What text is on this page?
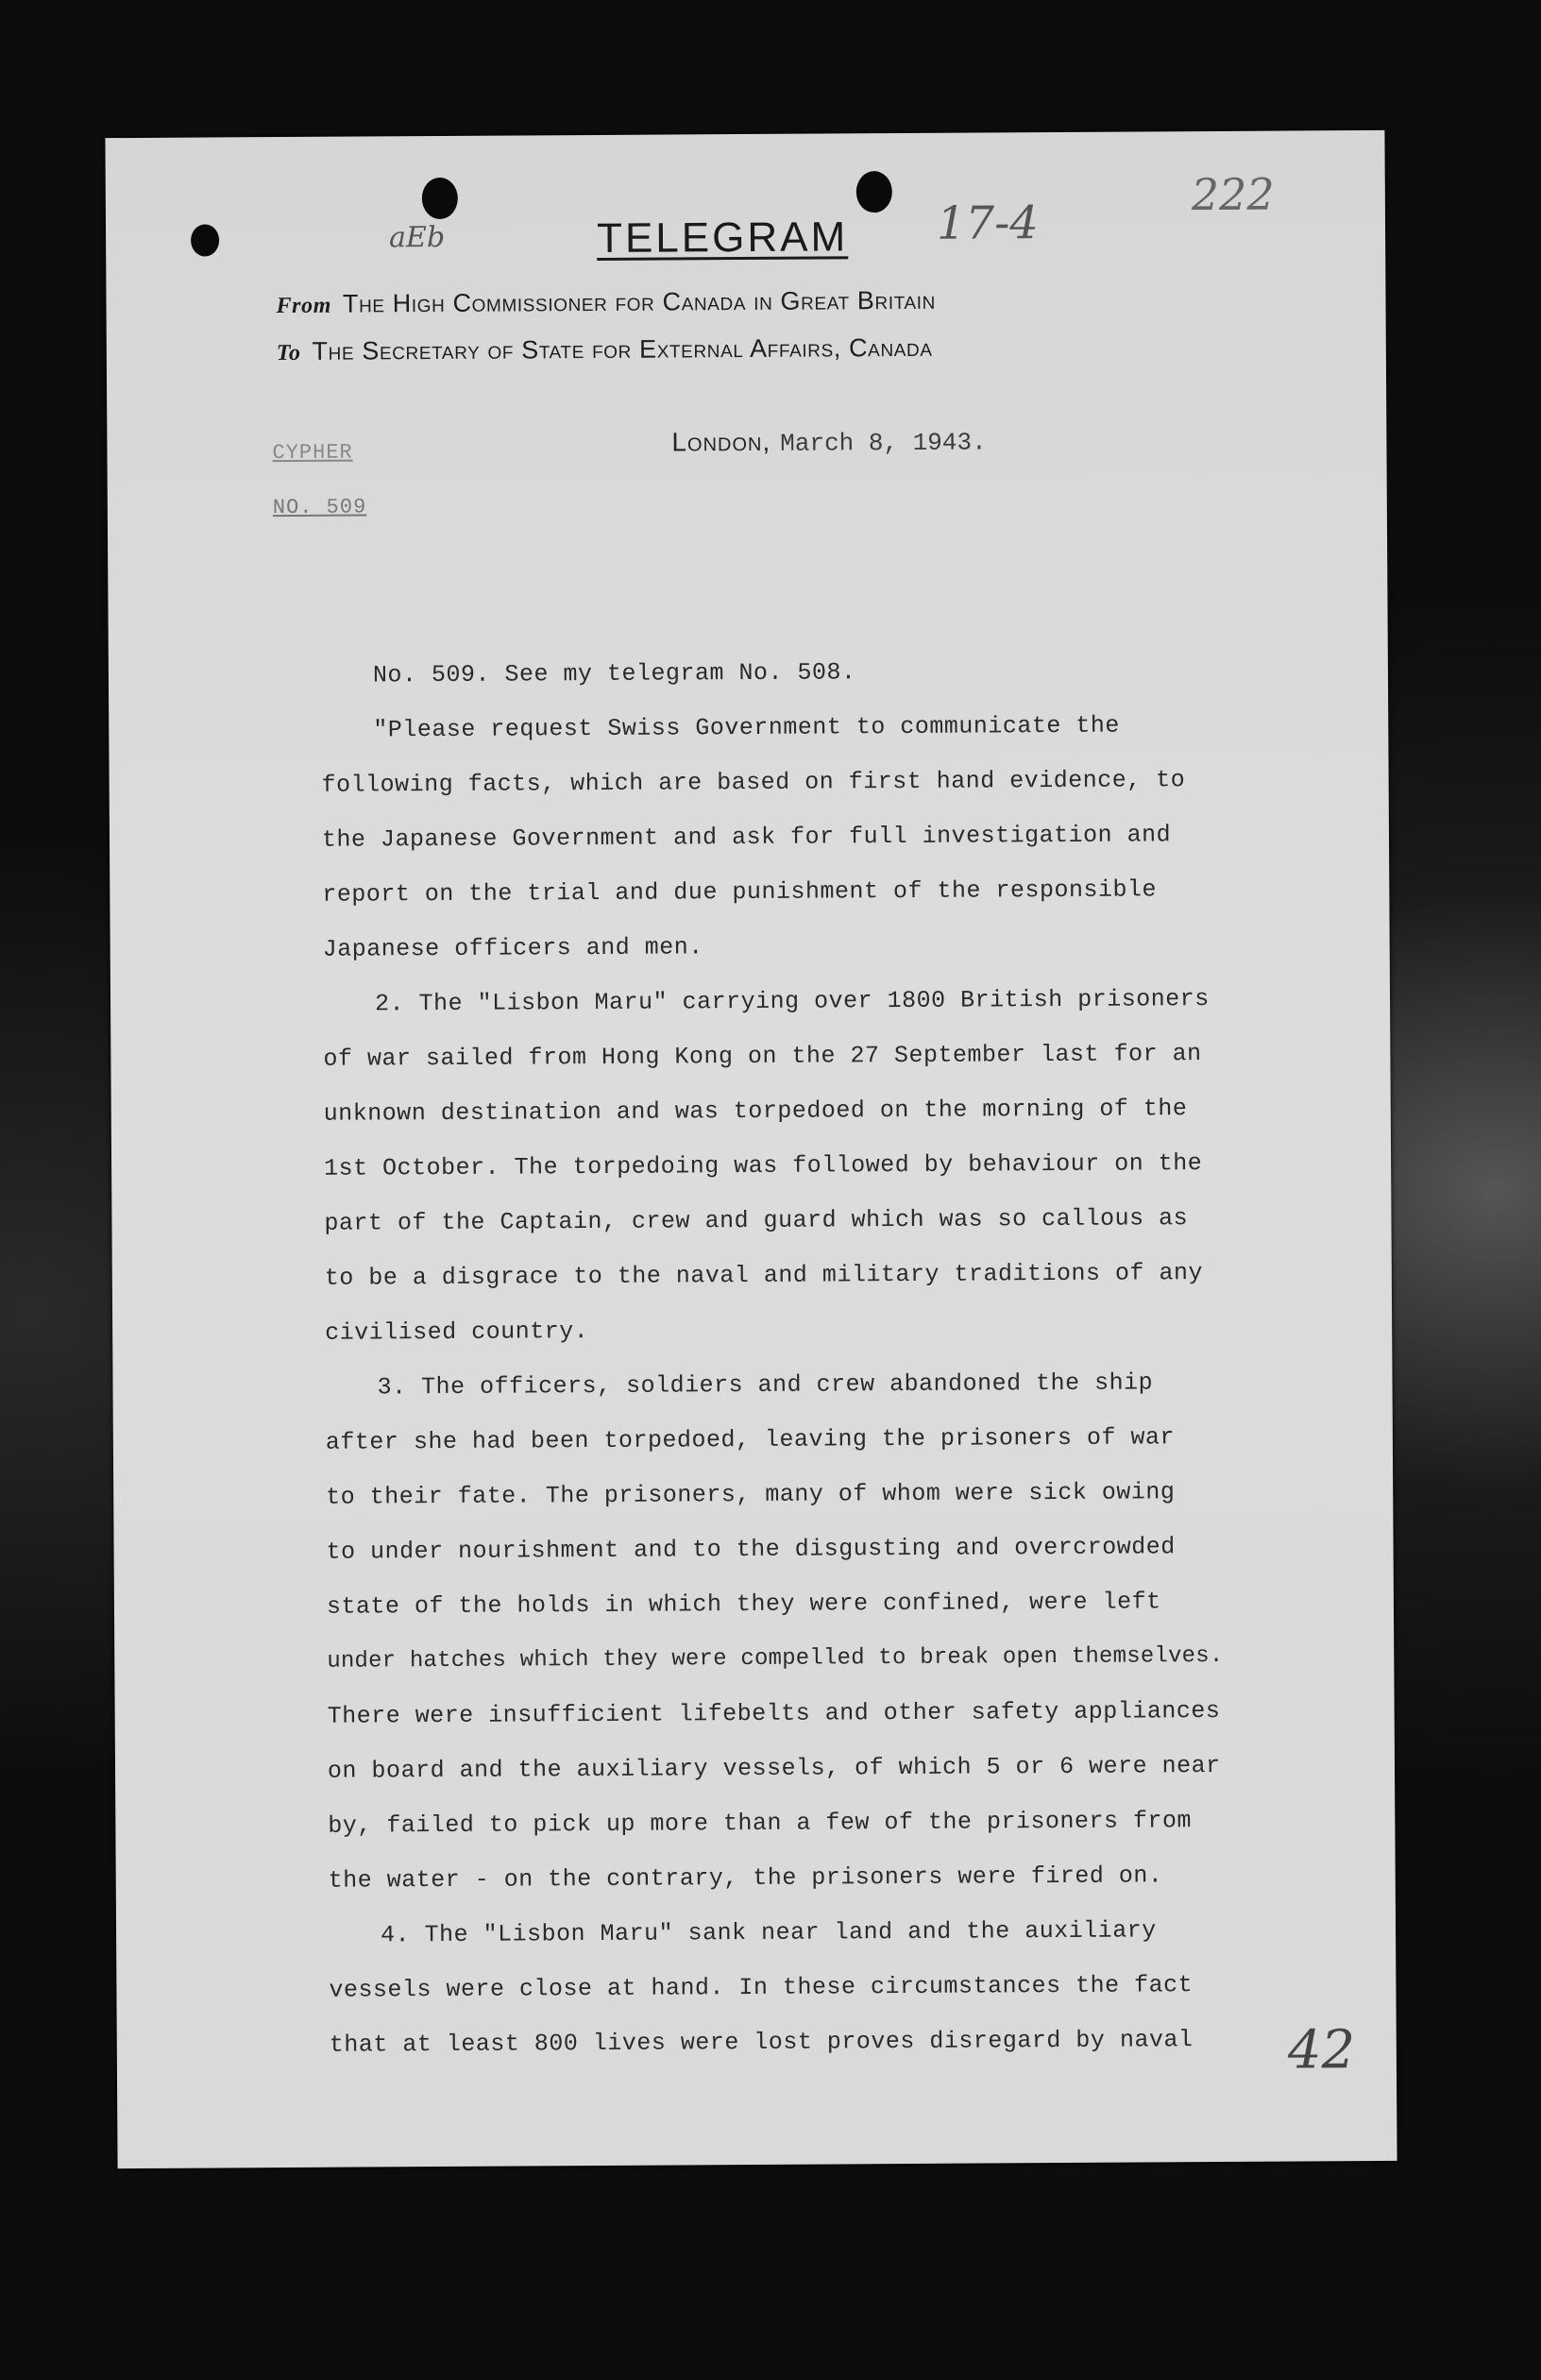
aEb	17-4
222
TELEGRAM
From The High Commissioner for Canada in Great Britain
To The Secretary of State for External Affairs, Canada
CYPHER
NO. 509
London, March 8, 1943.
No. 509. See my telegram No. 508.
"Please request Swiss Government to communicate the
following facts, which are based on first hand evidence, to
the Japanese Government and ask for full investigation and
report on the trial and due punishment of the responsible
Japanese officers and men.
2. The "Lisbon Maru" carrying over 1800 British prisoners
of war sailed from Hong Kong on the 27 September last for an
unknown destination and was torpedoed on the morning of the
1st October. The torpedoing was followed by behaviour on the
part of the Captain, crew and guard which was so callous as
to be a disgrace to the naval and military traditions of any
civilised country.
3. The officers, soldiers and crew abandoned the ship
after she had been torpedoed, leaving the prisoners of war
to their fate. The prisoners, many of whom were sick owing
to under nourishment and to the disgusting and overcrowded
state of the holds in which they were confined, were left
under hatches which they were compelled to break open themselves.
There were insufficient lifebelts and other safety appliances
on board and the auxiliary vessels, of which 5 or 6 were near
by, failed to pick up more than a few of the prisoners from
the water - on the contrary, the prisoners were fired on.
4. The "Lisbon Maru" sank near land and the auxiliary
vessels were close at hand. In these circumstances the fact
that at least 800 lives were lost proves disregard by naval 42
